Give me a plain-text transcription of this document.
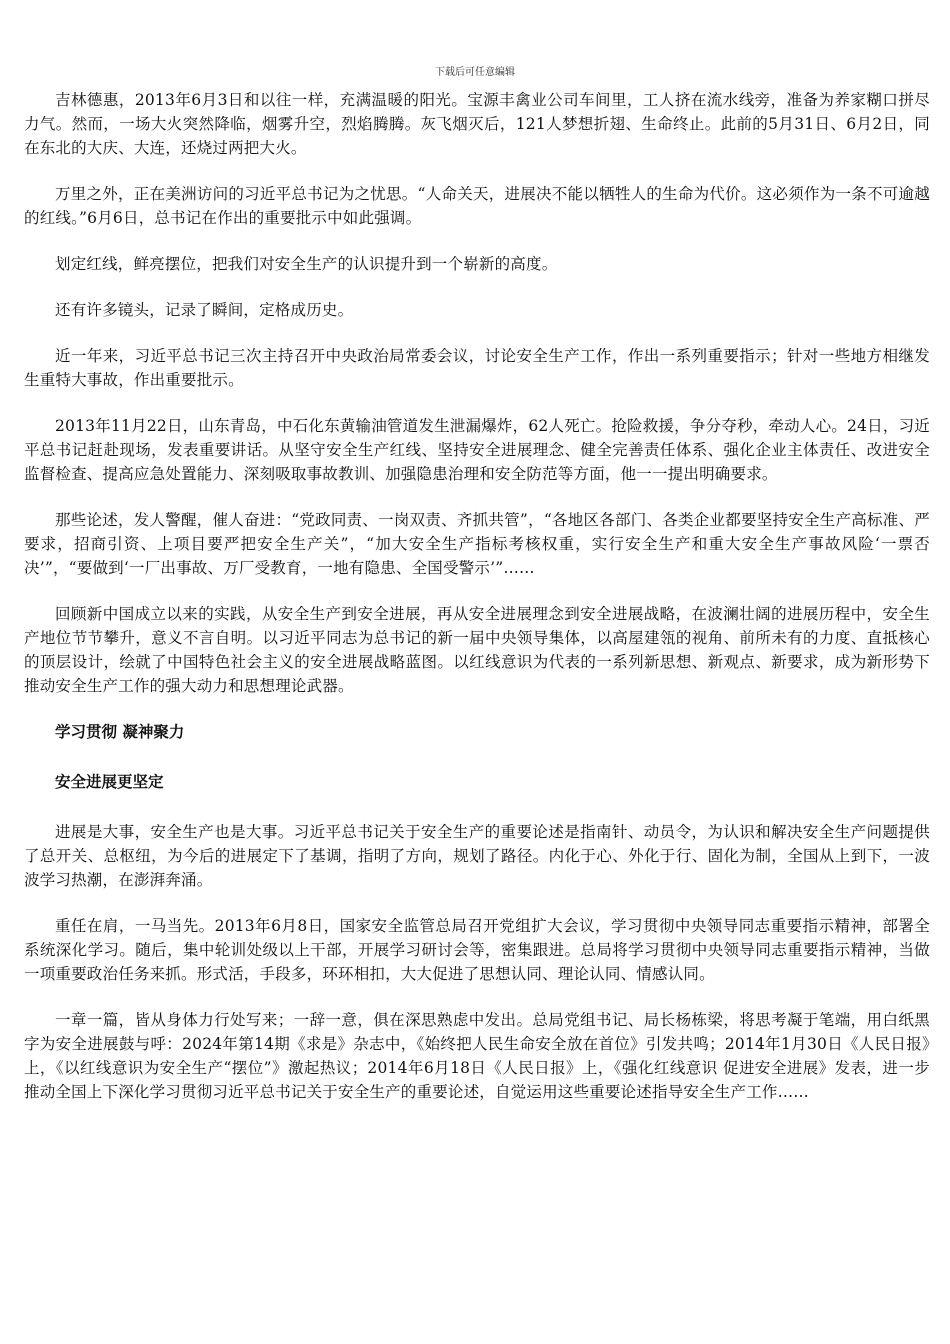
下载后可任意编辑

吉林德惠，2013年6月3日和以往一样，充满温暖的阳光。宝源丰禽业公司车间里，工人挤在流水线旁，准备为养家糊口拼尽力气。然而，一场大火突然降临，烟雾升空，烈焰腾腾。灰飞烟灭后，121人梦想折翅、生命终止。此前的5月31日、6月2日，同在东北的大庆、大连，还烧过两把大火。

万里之外，正在美洲访问的习近平总书记为之忧思。“人命关天，进展决不能以牺牲人的生命为代价。这必须作为一条不可逾越的红线。”6月6日，总书记在作出的重要批示中如此强调。

划定红线，鲜亮摆位，把我们对安全生产的认识提升到一个崭新的高度。

还有许多镜头，记录了瞬间，定格成历史。

近一年来，习近平总书记三次主持召开中央政治局常委会议，讨论安全生产工作，作出一系列重要指示；针对一些地方相继发生重特大事故，作出重要批示。

2013年11月22日，山东青岛，中石化东黄输油管道发生泄漏爆炸，62人死亡。抢险救援，争分夺秒，牵动人心。24日，习近平总书记赶赴现场，发表重要讲话。从坚守安全生产红线、坚持安全进展理念、健全完善责任体系、强化企业主体责任、改进安全监督检查、提高应急处置能力、深刻吸取事故教训、加强隐患治理和安全防范等方面，他一一提出明确要求。

那些论述，发人警醒，催人奋进：“党政同责、一岗双责、齐抓共管”，“各地区各部门、各类企业都要坚持安全生产高标准、严要求，招商引资、上项目要严把安全生产关”，“加大安全生产指标考核权重，实行安全生产和重大安全生产事故风险‘一票否决’”，“要做到‘一厂出事故、万厂受教育，一地有隐患、全国受警示’”……

回顾新中国成立以来的实践，从安全生产到安全进展，再从安全进展理念到安全进展战略，在波澜壮阔的进展历程中，安全生产地位节节攀升，意义不言自明。以习近平同志为总书记的新一届中央领导集体，以高屋建瓴的视角、前所未有的力度、直抵核心的顶层设计，绘就了中国特色社会主义的安全进展战略蓝图。以红线意识为代表的一系列新思想、新观点、新要求，成为新形势下推动安全生产工作的强大动力和思想理论武器。

学习贯彻 凝神聚力

安全进展更坚定

进展是大事，安全生产也是大事。习近平总书记关于安全生产的重要论述是指南针、动员令，为认识和解决安全生产问题提供了总开关、总枢纽，为今后的进展定下了基调，指明了方向，规划了路径。内化于心、外化于行、固化为制，全国从上到下，一波波学习热潮，在澎湃奔涌。

重任在肩，一马当先。2013年6月8日，国家安全监管总局召开党组扩大会议，学习贯彻中央领导同志重要指示精神，部署全系统深化学习。随后，集中轮训处级以上干部，开展学习研讨会等，密集跟进。总局将学习贯彻中央领导同志重要指示精神，当做一项重要政治任务来抓。形式活，手段多，环环相扣，大大促进了思想认同、理论认同、情感认同。

一章一篇，皆从身体力行处写来；一辞一意，俱在深思熟虑中发出。总局党组书记、局长杨栋梁，将思考凝于笔端，用白纸黑字为安全进展鼓与呼：2024年第14期《求是》杂志中，《始终把人民生命安全放在首位》引发共鸣；2014年1月30日《人民日报》上，《以红线意识为安全生产“摆位”》激起热议；2014年6月18日《人民日报》上，《强化红线意识 促进安全进展》发表，进一步推动全国上下深化学习贯彻习近平总书记关于安全生产的重要论述，自觉运用这些重要论述指导安全生产工作……
